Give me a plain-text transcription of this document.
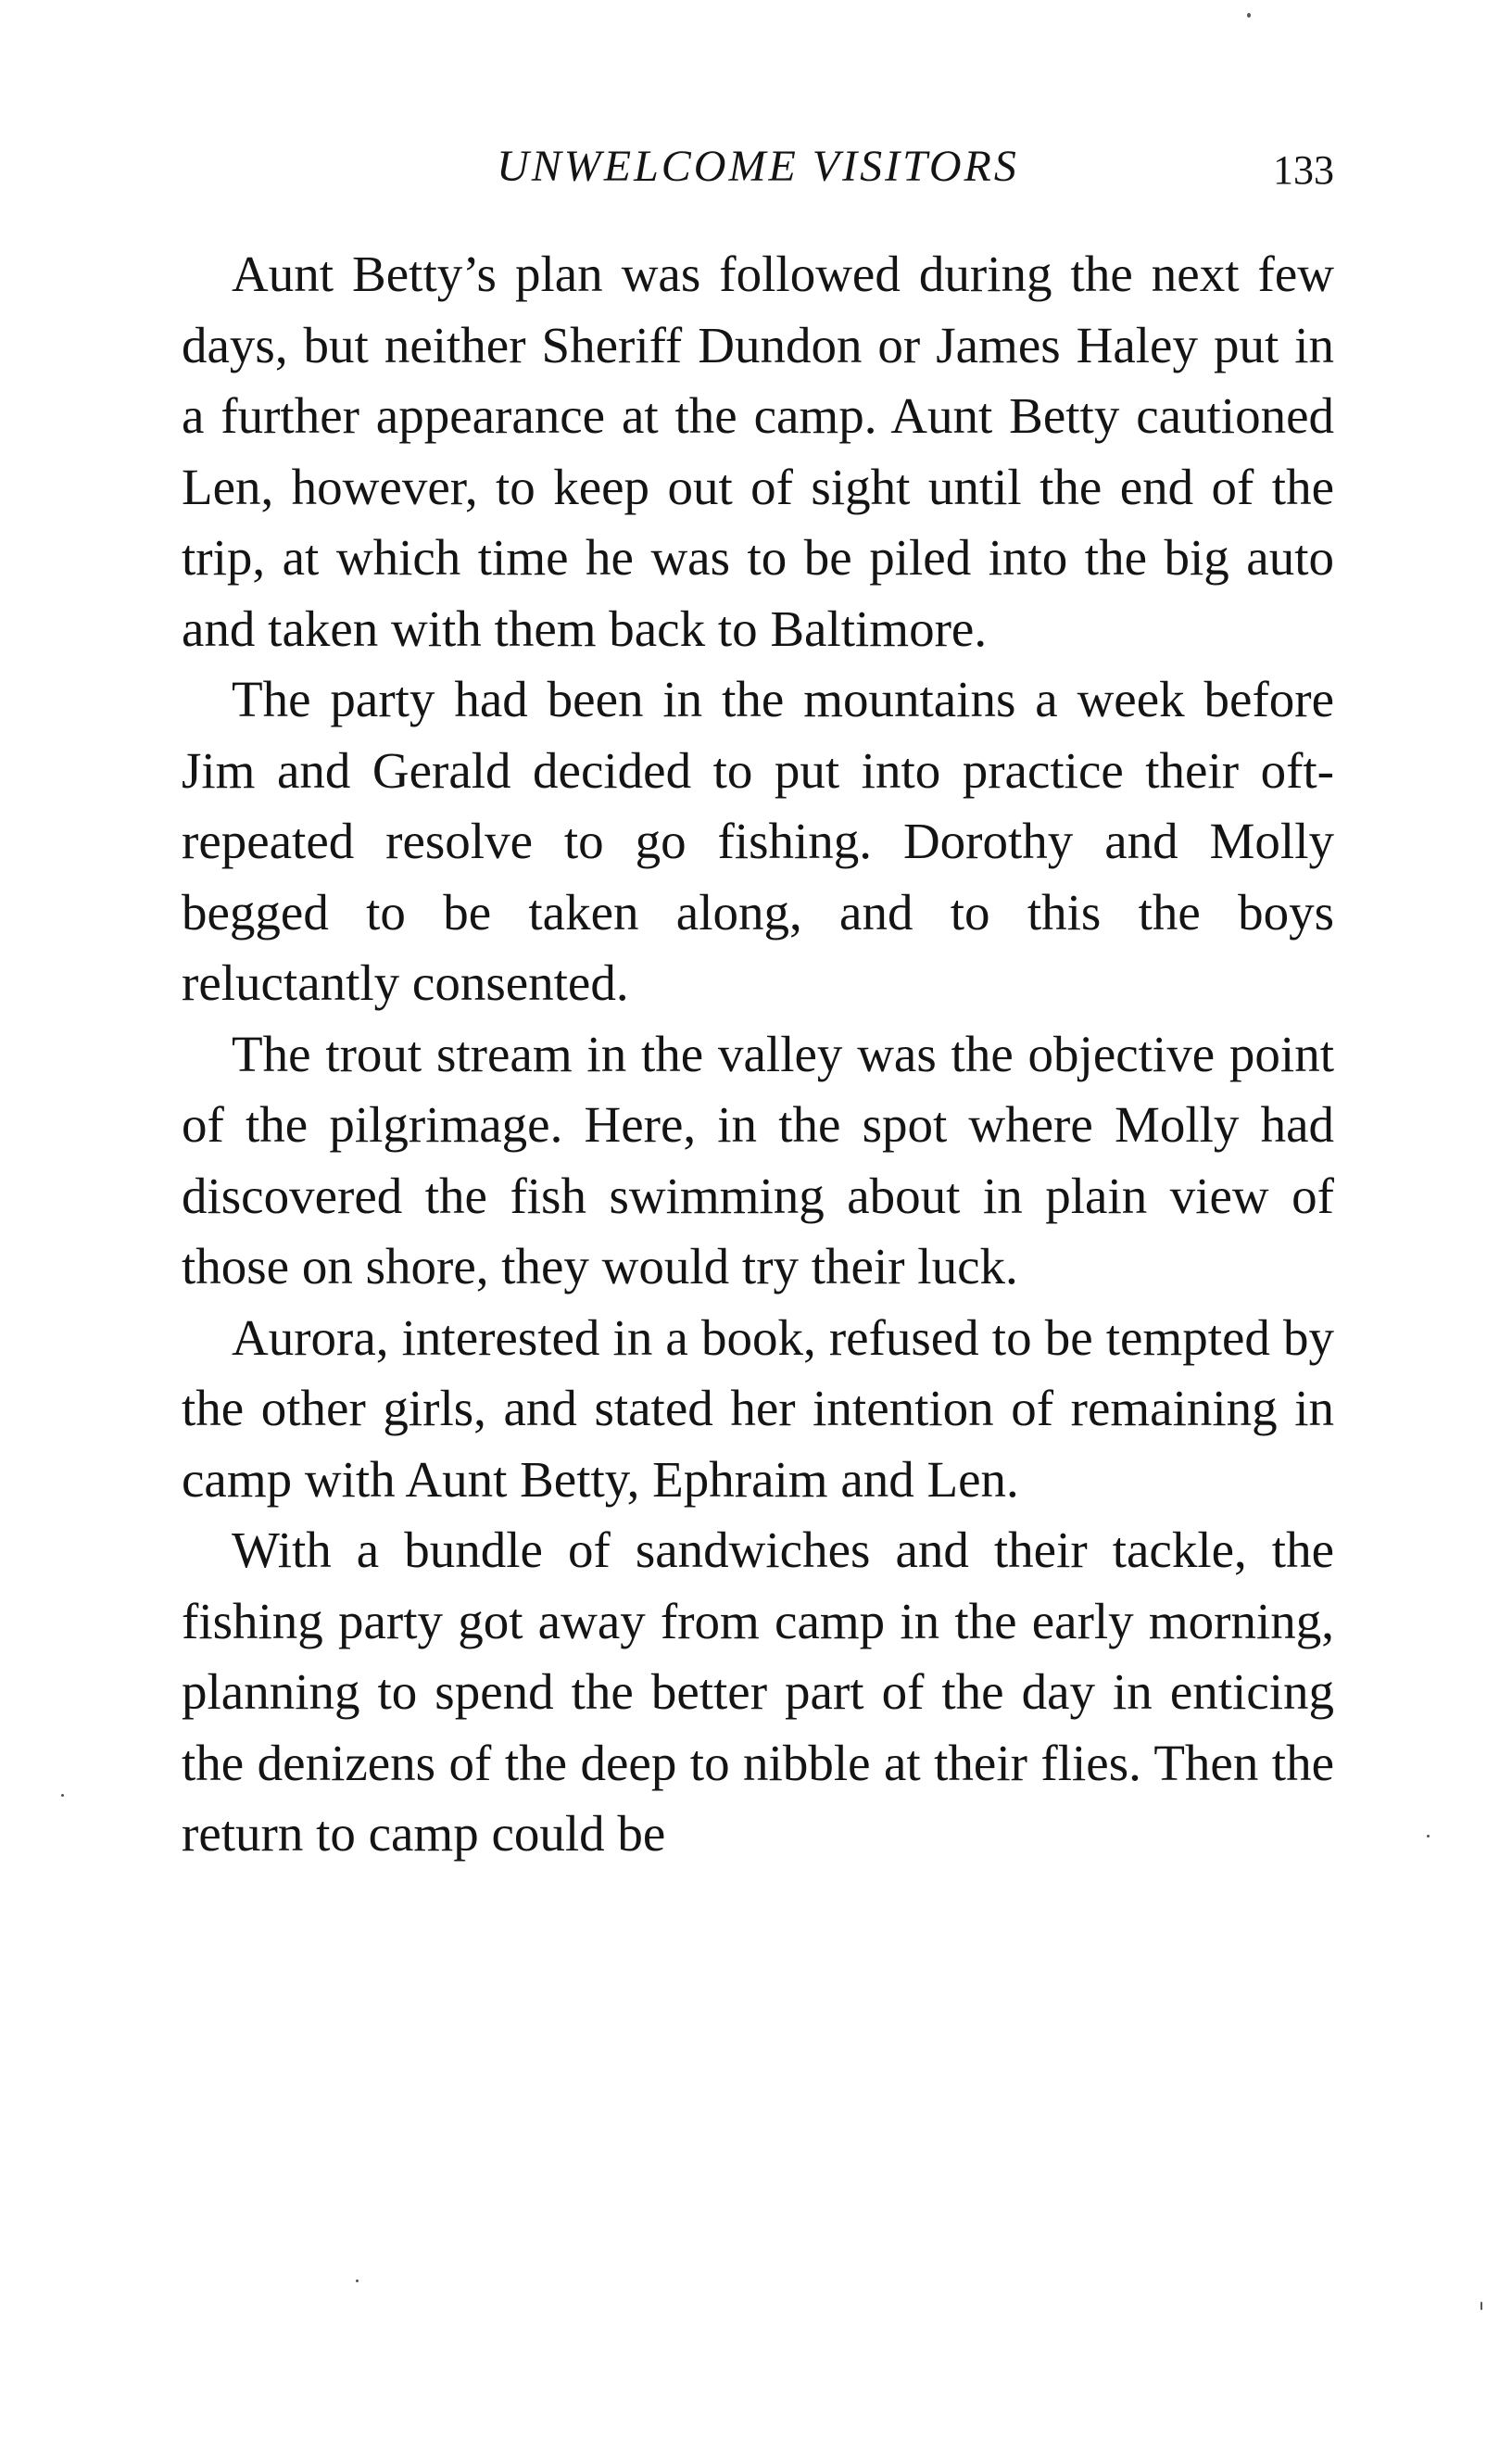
UNWELCOME VISITORS	133

Aunt Betty’s plan was followed during the next few days, but neither Sheriff Dundon or James Haley put in a further appearance at the camp. Aunt Betty cautioned Len, however, to keep out of sight until the end of the trip, at which time he was to be piled into the big auto and taken with them back to Baltimore.

The party had been in the mountains a week before Jim and Gerald decided to put into practice their oft-repeated resolve to go fishing. Dorothy and Molly begged to be taken along, and to this the boys reluctantly consented.

The trout stream in the valley was the objective point of the pilgrimage. Here, in the spot where Molly had discovered the fish swimming about in plain view of those on shore, they would try their luck.

Aurora, interested in a book, refused to be tempted by the other girls, and stated her intention of remaining in camp with Aunt Betty, Ephraim and Len.

With a bundle of sandwiches and their tackle, the fishing party got away from camp in the early morning, planning to spend the better part of the day in enticing the denizens of the deep to nibble at their flies. Then the return to camp could be
